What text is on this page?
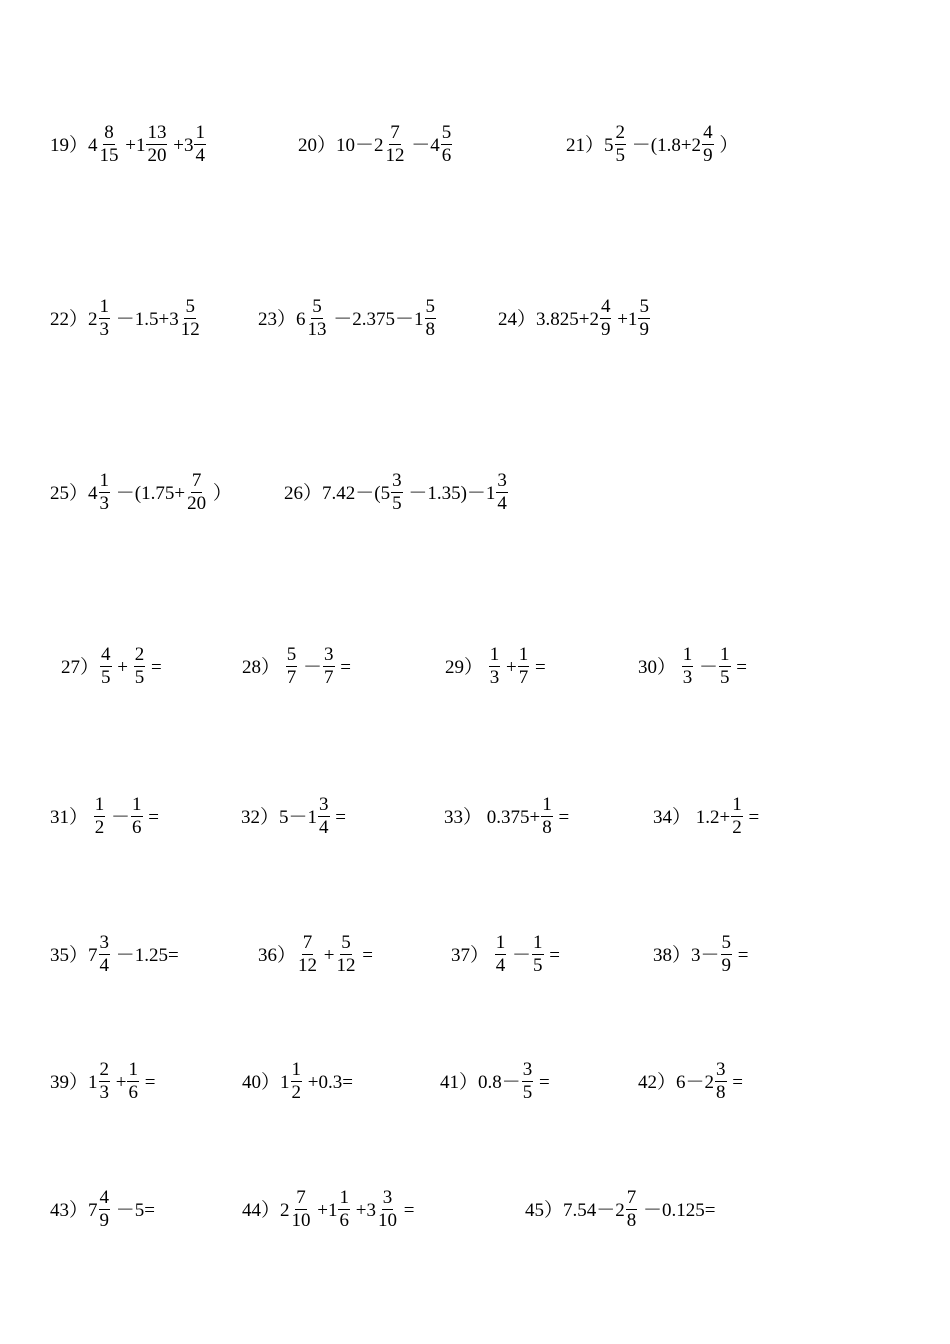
$19)4 \frac{8}{15} +1 \frac{13}{20} +3 \frac{1}{4}$	$20)10-2 \frac{7}{12} -4 \frac{5}{6}$	$21)5 \frac{2}{5} -(1.8+2 \frac{4}{9}$ ）
$22)2 \frac{1}{3} -1.5+3 \frac{5}{12}$	$23)6 \frac{5}{13} -2.375-1 \frac{5}{8}$	$24)3.825+2 \frac{4}{9} +1 \frac{5}{9}$
$25)4 \frac{1}{3} -(1.75+ \frac{7}{20}$ ）	$26)7.42-(5 \frac{3}{5} -1.35)-1 \frac{3}{4}$
$27) \frac{4}{5} + \frac{2}{5}$ =	$28) \frac{5}{7} - \frac{3}{7}$ =	$29) \frac{1}{3} + \frac{1}{7}$ =	$30) \frac{1}{3} - \frac{1}{5}$ =
$31) \frac{1}{2} - \frac{1}{6}$ =	$32)5-1 \frac{3}{4}$ =	33） $0.375+ \frac{1}{8}$ =	34） $1.2+ \frac{1}{2}$ =
$35)7 \frac{3}{4} -1.25=$	$36) \frac{7}{12} + \frac{5}{12}$ =	$37) \frac{1}{4} - \frac{1}{5}$ =	$38)3- \frac{5}{9}$ =
$39)1 \frac{2}{3} + \frac{1}{6}$ =	$40)1 \frac{1}{2} +0.3=$	$41)0.8- \frac{3}{5}$ =	$42)6-2 \frac{3}{8}$ =
$43)7 \frac{4}{9} -5=$	$44)2 \frac{7}{10} +1 \frac{1}{6} +3 \frac{3}{10}$ =	$45)7.54-2 \frac{7}{8} -0.125=$
